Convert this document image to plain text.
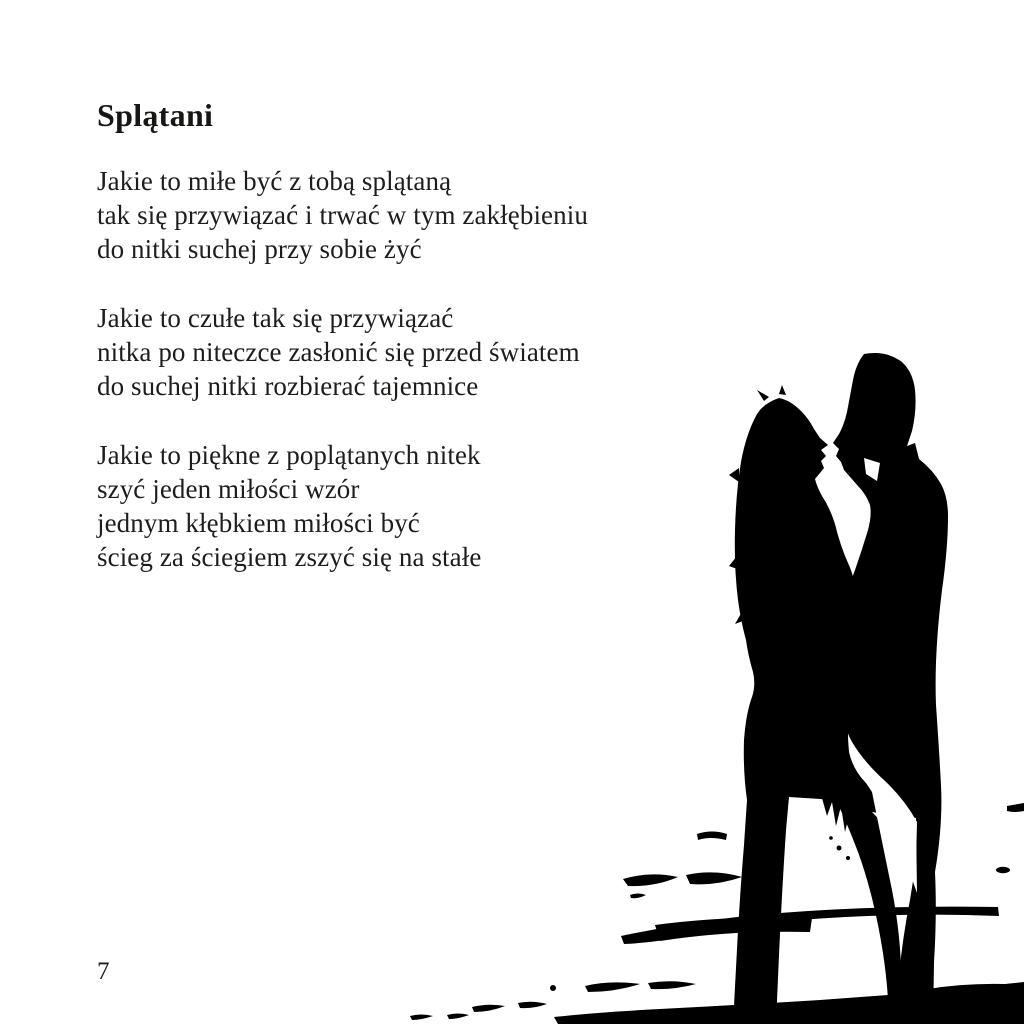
Splątani

Jakie to miłe być z tobą splątaną

tak się przywiązać i trwać w tym zakłębieniu

do nitki suchej przy sobie żyć

Jakie to czułe tak się przywiązać

nitka po niteczce zasłonić się przed światem

do suchej nitki rozbierać tajemnice

Jakie to piękne z poplątanych nitek

szyć jeden miłości wzór

jednym kłębkiem miłości być

ścieg za ściegiem zszyć się na stałe

7
